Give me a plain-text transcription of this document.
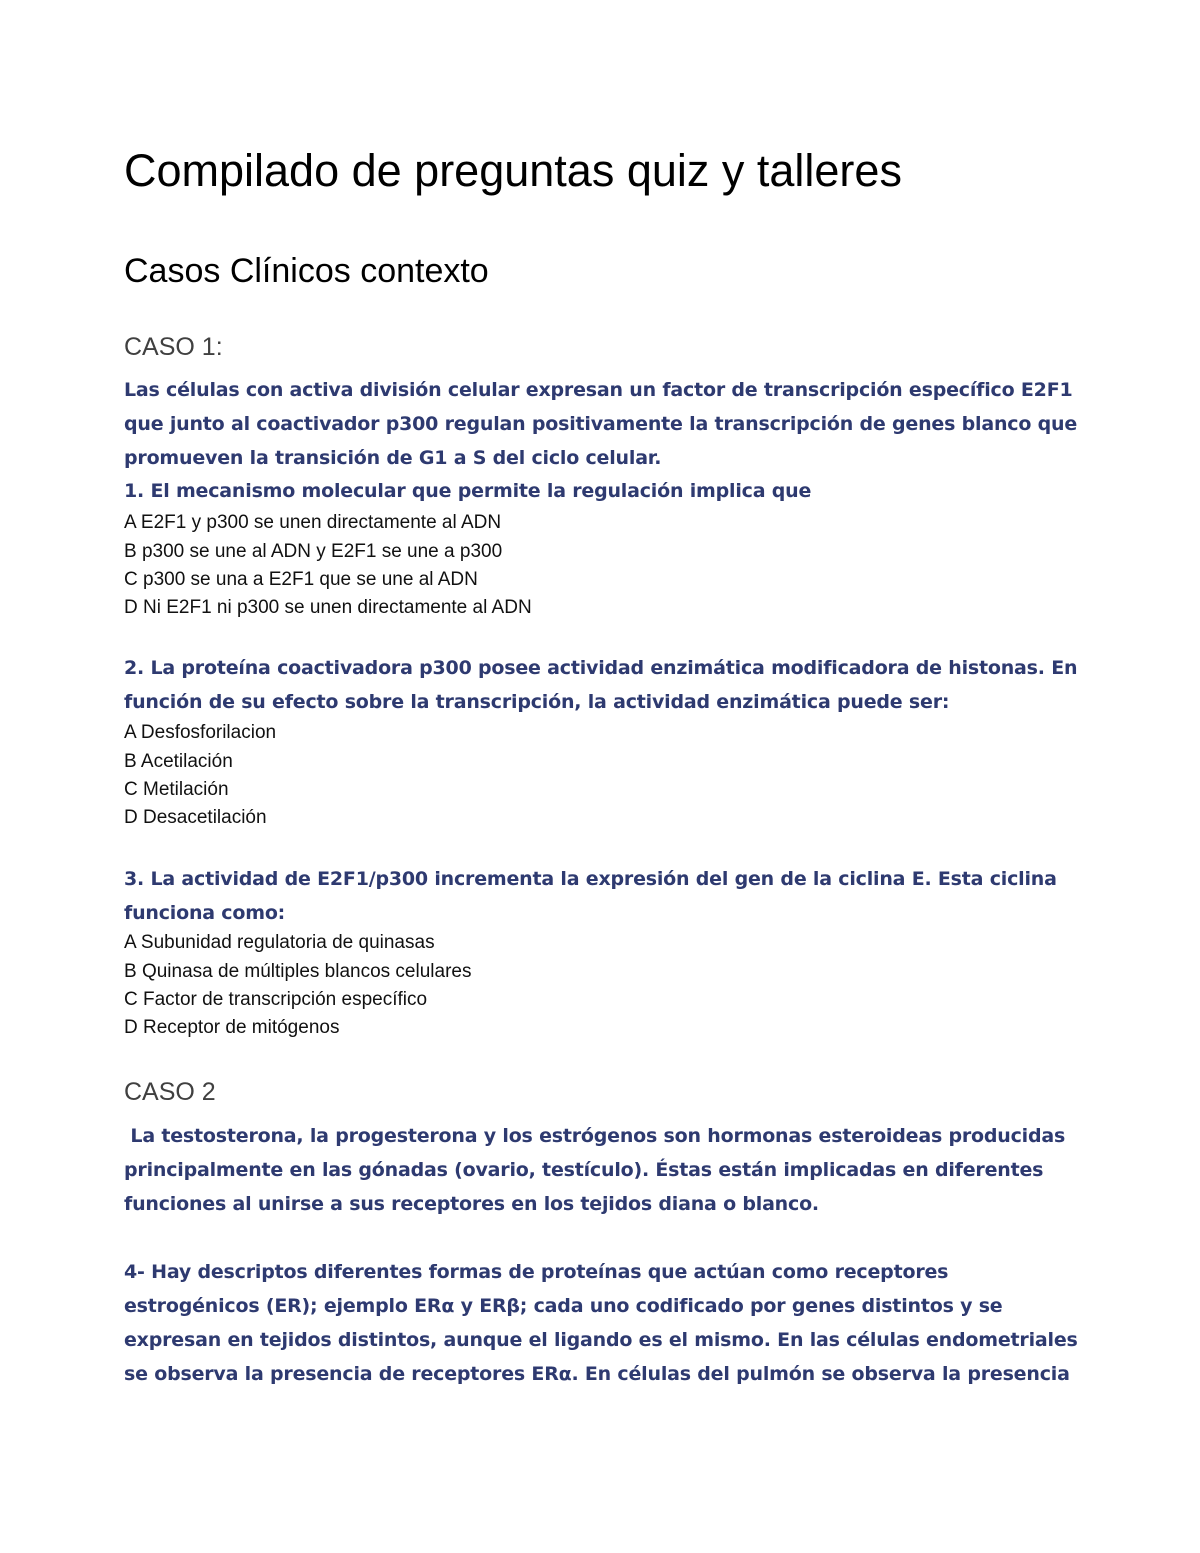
Compilado de preguntas quiz y talleres
Casos Clínicos contexto
CASO 1:

Las células con activa división celular expresan un factor de transcripción específico E2F1

que junto al coactivador p300 regulan positivamente la transcripción de genes blanco que

promueven la transición de G1 a S del ciclo celular.

1. El mecanismo molecular que permite la regulación implica que

A E2F1 y p300 se unen directamente al ADN

B p300 se une al ADN y E2F1 se une a p300

C p300 se una a E2F1 que se une al ADN

D Ni E2F1 ni p300 se unen directamente al ADN

2. La proteína coactivadora p300 posee actividad enzimática modificadora de histonas. En

función de su efecto sobre la transcripción, la actividad enzimática puede ser:

A Desfosforilacion

B Acetilación

C Metilación

D Desacetilación

3. La actividad de E2F1/p300 incrementa la expresión del gen de la ciclina E. Esta ciclina

funciona como:

A Subunidad regulatoria de quinasas

B Quinasa de múltiples blancos celulares

C Factor de transcripción específico

D Receptor de mitógenos

CASO 2

La testosterona, la progesterona y los estrógenos son hormonas esteroideas producidas

principalmente en las gónadas (ovario, testículo). Éstas están implicadas en diferentes

funciones al unirse a sus receptores en los tejidos diana o blanco.

4- Hay descriptos diferentes formas de proteínas que actúan como receptores

estrogénicos (ER); ejemplo ERα y ERβ; cada uno codificado por genes distintos y se

expresan en tejidos distintos, aunque el ligando es el mismo. En las células endometriales

se observa la presencia de receptores ERα. En células del pulmón se observa la presencia
